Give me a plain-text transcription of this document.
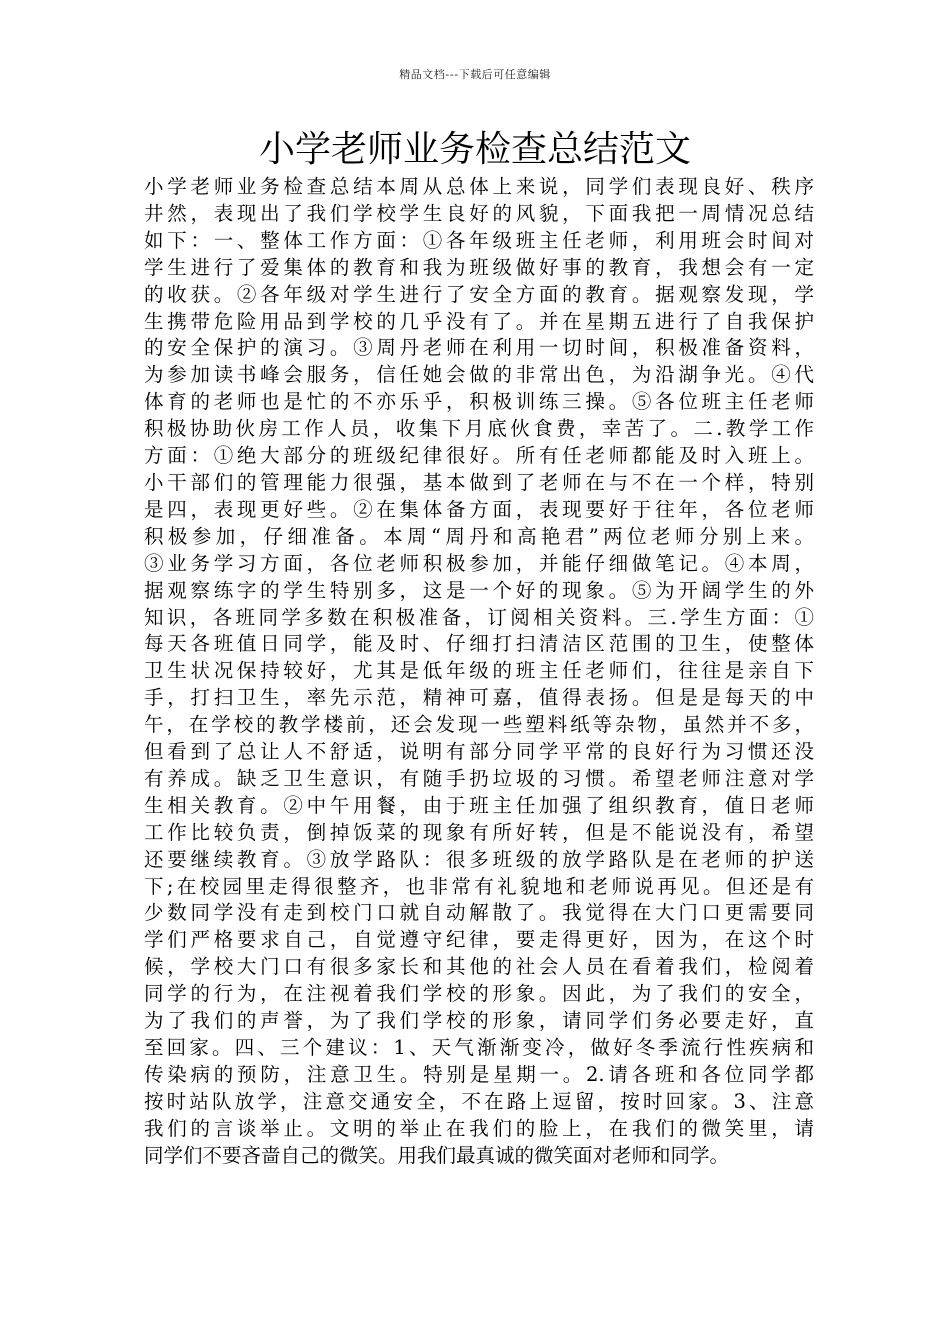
精品文档---下载后可任意编辑
小学老师业务检查总结范文
小学老师业务检查总结本周从总体上来说，同学们表现良好、秩序
井然，表现出了我们学校学生良好的风貌，下面我把一周情况总结
如下：一、整体工作方面：①各年级班主任老师，利用班会时间对
学生进行了爱集体的教育和我为班级做好事的教育，我想会有一定
的收获。②各年级对学生进行了安全方面的教育。据观察发现，学
生携带危险用品到学校的几乎没有了。并在星期五进行了自我保护
的安全保护的演习。③周丹老师在利用一切时间，积极准备资料，
为参加读书峰会服务，信任她会做的非常出色，为沿湖争光。④代
体育的老师也是忙的不亦乐乎，积极训练三操。⑤各位班主任老师
积极协助伙房工作人员，收集下月底伙食费，幸苦了。二.教学工作
方面：①绝大部分的班级纪律很好。所有任老师都能及时入班上。
小干部们的管理能力很强，基本做到了老师在与不在一个样，特别
是四，表现更好些。②在集体备方面，表现要好于往年，各位老师
积极参加，仔细准备。本周“周丹和高艳君”两位老师分别上来。
③业务学习方面，各位老师积极参加，并能仔细做笔记。④本周，
据观察练字的学生特别多，这是一个好的现象。⑤为开阔学生的外
知识，各班同学多数在积极准备，订阅相关资料。三.学生方面：①
每天各班值日同学，能及时、仔细打扫清洁区范围的卫生，使整体
卫生状况保持较好，尤其是低年级的班主任老师们，往往是亲自下
手，打扫卫生，率先示范，精神可嘉，值得表扬。但是是每天的中
午，在学校的教学楼前，还会发现一些塑料纸等杂物，虽然并不多，
但看到了总让人不舒适，说明有部分同学平常的良好行为习惯还没
有养成。缺乏卫生意识，有随手扔垃圾的习惯。希望老师注意对学
生相关教育。②中午用餐，由于班主任加强了组织教育，值日老师
工作比较负责，倒掉饭菜的现象有所好转，但是不能说没有，希望
还要继续教育。③放学路队：很多班级的放学路队是在老师的护送
下;在校园里走得很整齐，也非常有礼貌地和老师说再见。但还是有
少数同学没有走到校门口就自动解散了。我觉得在大门口更需要同
学们严格要求自己，自觉遵守纪律，要走得更好，因为，在这个时
候，学校大门口有很多家长和其他的社会人员在看着我们，检阅着
同学的行为，在注视着我们学校的形象。因此，为了我们的安全，
为了我们的声誉，为了我们学校的形象，请同学们务必要走好，直
至回家。四、三个建议：1、天气渐渐变冷，做好冬季流行性疾病和
传染病的预防，注意卫生。特别是星期一。2.请各班和各位同学都
按时站队放学，注意交通安全，不在路上逗留，按时回家。3、注意
我们的言谈举止。文明的举止在我们的脸上，在我们的微笑里，请
同学们不要吝啬自己的微笑。用我们最真诚的微笑面对老师和同学。
